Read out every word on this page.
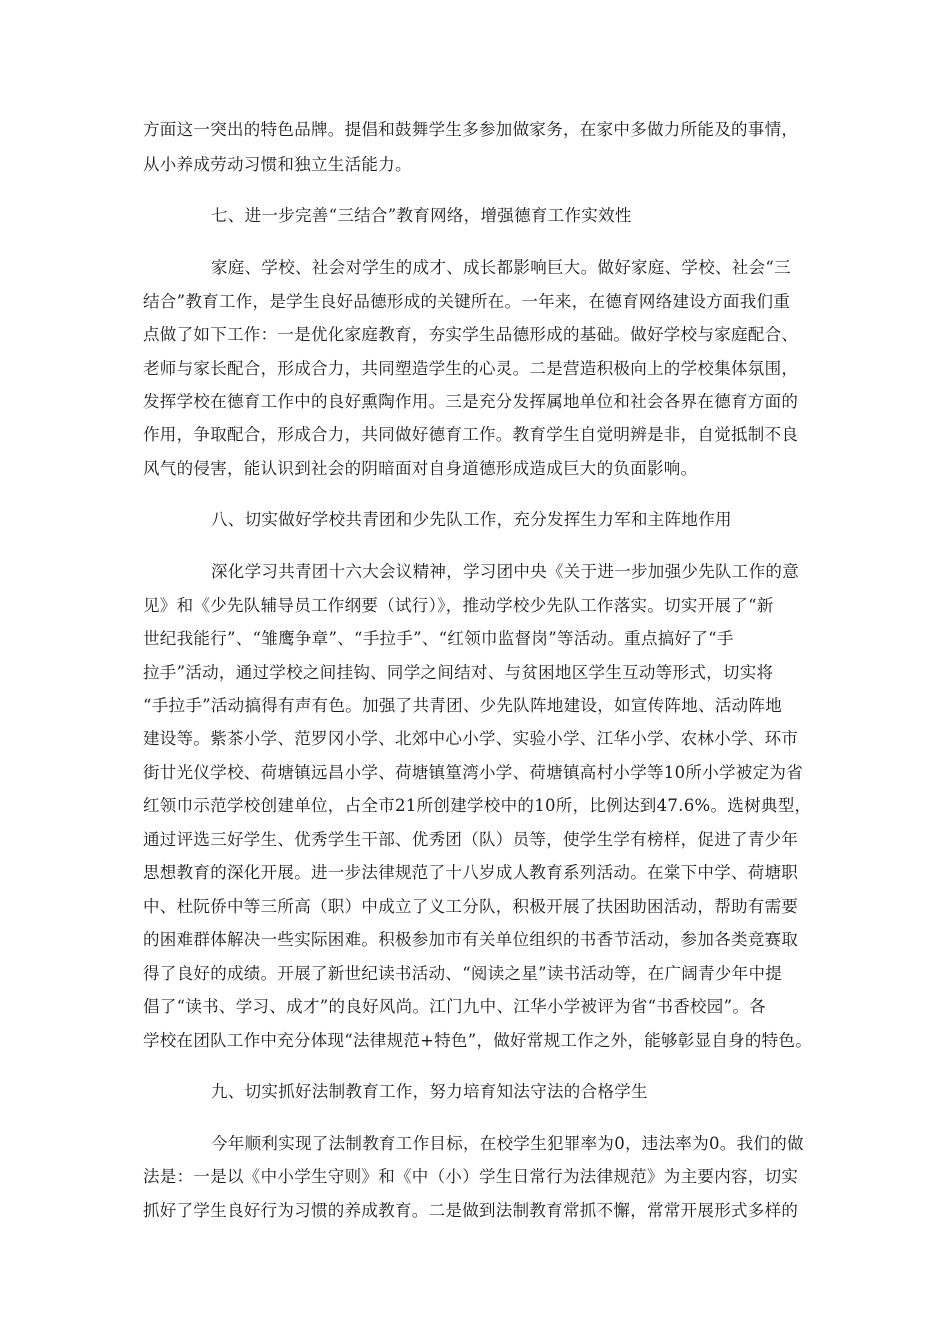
方面这一突出的特色品牌。提倡和鼓舞学生多参加做家务，在家中多做力所能及的事情，
从小养成劳动习惯和独立生活能力。
七、进一步完善“三结合”教育网络，增强德育工作实效性
家庭、学校、社会对学生的成才、成长都影响巨大。做好家庭、学校、社会“三
结合”教育工作，是学生良好品德形成的关键所在。一年来，在德育网络建设方面我们重
点做了如下工作：一是优化家庭教育，夯实学生品德形成的基础。做好学校与家庭配合、
老师与家长配合，形成合力，共同塑造学生的心灵。二是营造积极向上的学校集体氛围，
发挥学校在德育工作中的良好熏陶作用。三是充分发挥属地单位和社会各界在德育方面的
作用，争取配合，形成合力，共同做好德育工作。教育学生自觉明辨是非，自觉抵制不良
风气的侵害，能认识到社会的阴暗面对自身道德形成造成巨大的负面影响。
八、切实做好学校共青团和少先队工作，充分发挥生力军和主阵地作用
深化学习共青团十六大会议精神，学习团中央《关于进一步加强少先队工作的意
见》和《少先队辅导员工作纲要（试行）》，推动学校少先队工作落实。切实开展了“新
世纪我能行”、“雏鹰争章”、“手拉手”、“红领巾监督岗”等活动。重点搞好了“手
拉手”活动，通过学校之间挂钩、同学之间结对、与贫困地区学生互动等形式，切实将
“手拉手”活动搞得有声有色。加强了共青团、少先队阵地建设，如宣传阵地、活动阵地
建设等。紫茶小学、范罗冈小学、北郊中心小学、实验小学、江华小学、农林小学、环市
街廿光仪学校、荷塘镇远昌小学、荷塘镇篁湾小学、荷塘镇高村小学等10所小学被定为省
红领巾示范学校创建单位，占全市21所创建学校中的10所，比例达到47.6%。选树典型，
通过评选三好学生、优秀学生干部、优秀团（队）员等，使学生学有榜样，促进了青少年
思想教育的深化开展。进一步法律规范了十八岁成人教育系列活动。在棠下中学、荷塘职
中、杜阮侨中等三所高（职）中成立了义工分队，积极开展了扶困助困活动，帮助有需要
的困难群体解决一些实际困难。积极参加市有关单位组织的书香节活动，参加各类竞赛取
得了良好的成绩。开展了新世纪读书活动、“阅读之星”读书活动等，在广阔青少年中提
倡了“读书、学习、成才”的良好风尚。江门九中、江华小学被评为省“书香校园”。各
学校在团队工作中充分体现“法律规范+特色”，做好常规工作之外，能够彰显自身的特色。
九、切实抓好法制教育工作，努力培育知法守法的合格学生
今年顺利实现了法制教育工作目标，在校学生犯罪率为0，违法率为0。我们的做
法是：一是以《中小学生守则》和《中（小）学生日常行为法律规范》为主要内容，切实
抓好了学生良好行为习惯的养成教育。二是做到法制教育常抓不懈，常常开展形式多样的
